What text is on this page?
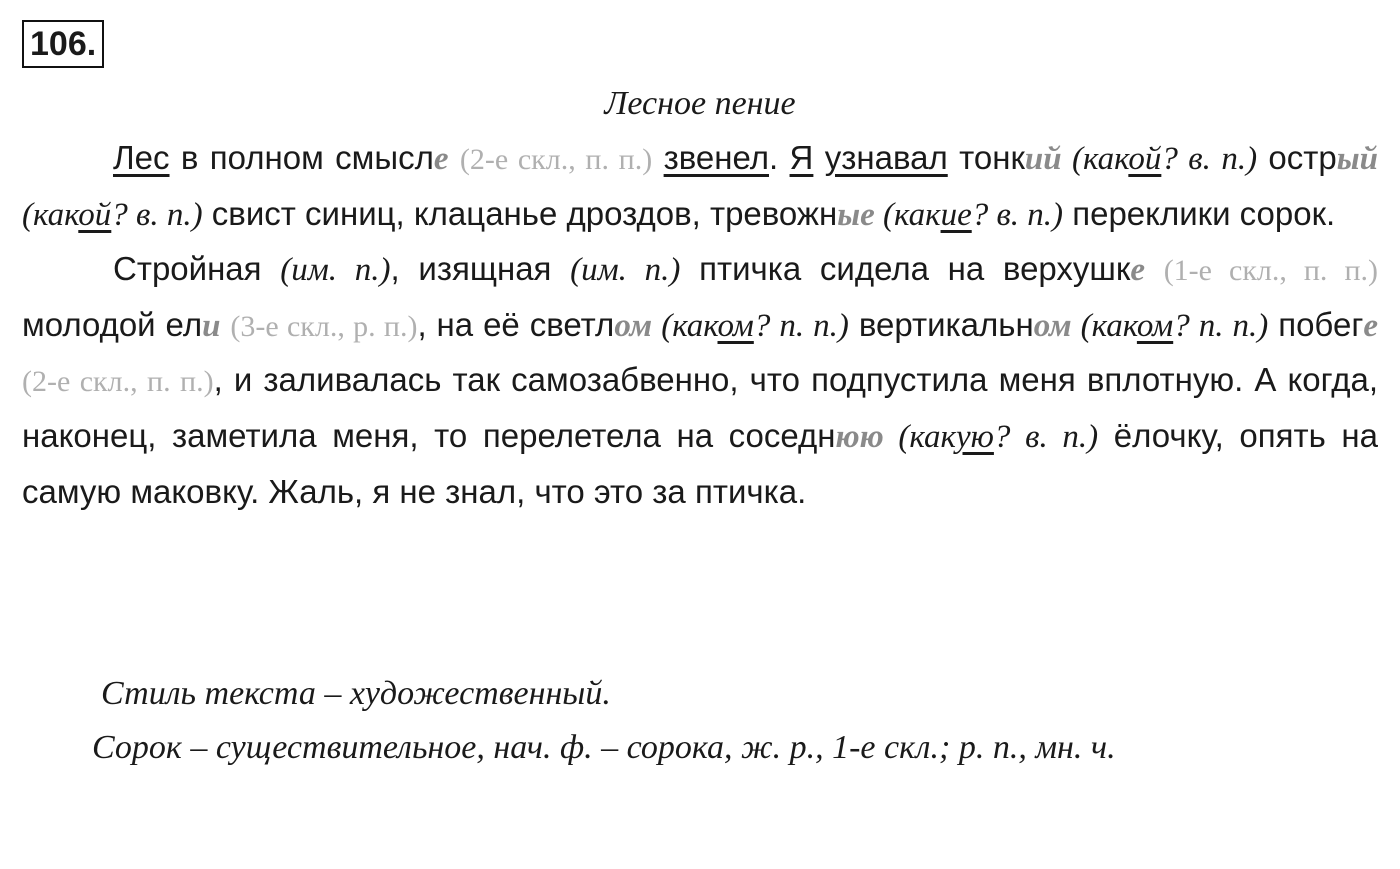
106.
Лесное пение

Лес в полном смысле (2-е скл., п. п.) звенел. Я узнавал тонкий (какой? в. п.) острый (какой? в. п.) свист синиц, клацанье дроздов, тревожные (какие? в. п.) переклики сорок.

Стройная (им. п.), изящная (им. п.) птичка сидела на верхушке (1-е скл., п. п.) молодой ели (3-е скл., р. п.), на её светлом (каком? п. п.) вертикальном (каком? п. п.) побеге (2-е скл., п. п.), и заливалась так самозабвенно, что подпустила меня вплотную. А когда, наконец, заметила меня, то перелетела на соседнюю (какую? в. п.) ёлочку, опять на самую маковку. Жаль, я не знал, что это за птичка.

Стиль текста – художественный.
Сорок – существительное, нач. ф. – сорока, ж. р., 1-е скл.; р. п., мн. ч.
